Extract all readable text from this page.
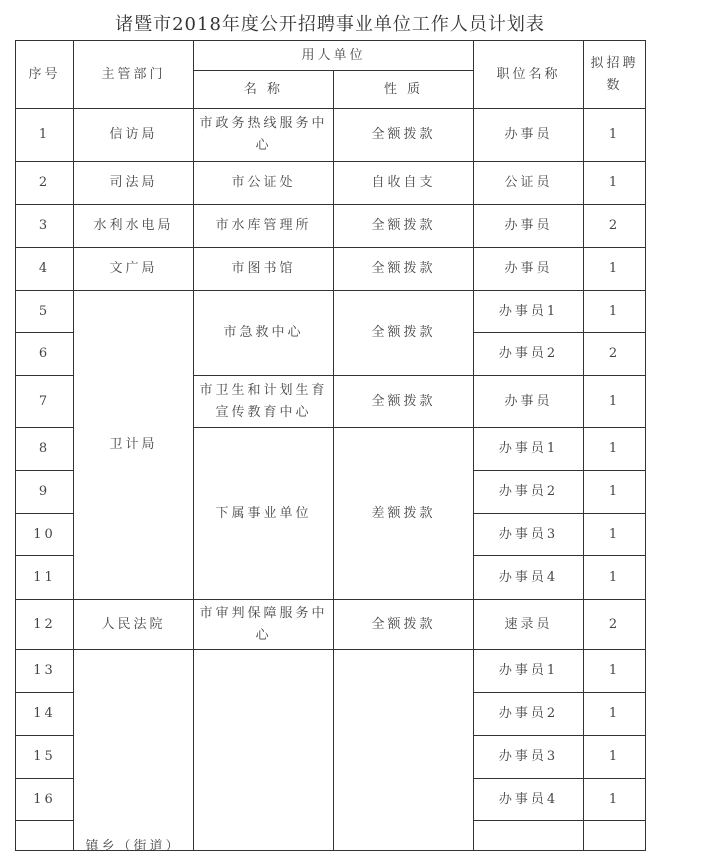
诸暨市2018年度公开招聘事业单位工作人员计划表
序号	主管部门	用人单位		职位名称	拟招聘数
		名 称	性 质		
1	信访局	市政务热线服务中心	全额拨款	办事员	1
2	司法局	市公证处	自收自支	公证员	1
3	水利水电局	市水库管理所	全额拨款	办事员	2
4	文广局	市图书馆	全额拨款	办事员	1
5	卫计局	市急救中心	全额拨款	办事员1	1
6				办事员2	2
7		市卫生和计划生育宣传教育中心	全额拨款	办事员	1
8		下属事业单位	差额拨款	办事员1	1
9				办事员2	1
10				办事员3	1
11				办事员4	1
12	人民法院	市审判保障服务中心	全额拨款	速录员	2
13	镇乡（街道）			办事员1	1
14				办事员2	1
15				办事员3	1
16				办事员4	1
